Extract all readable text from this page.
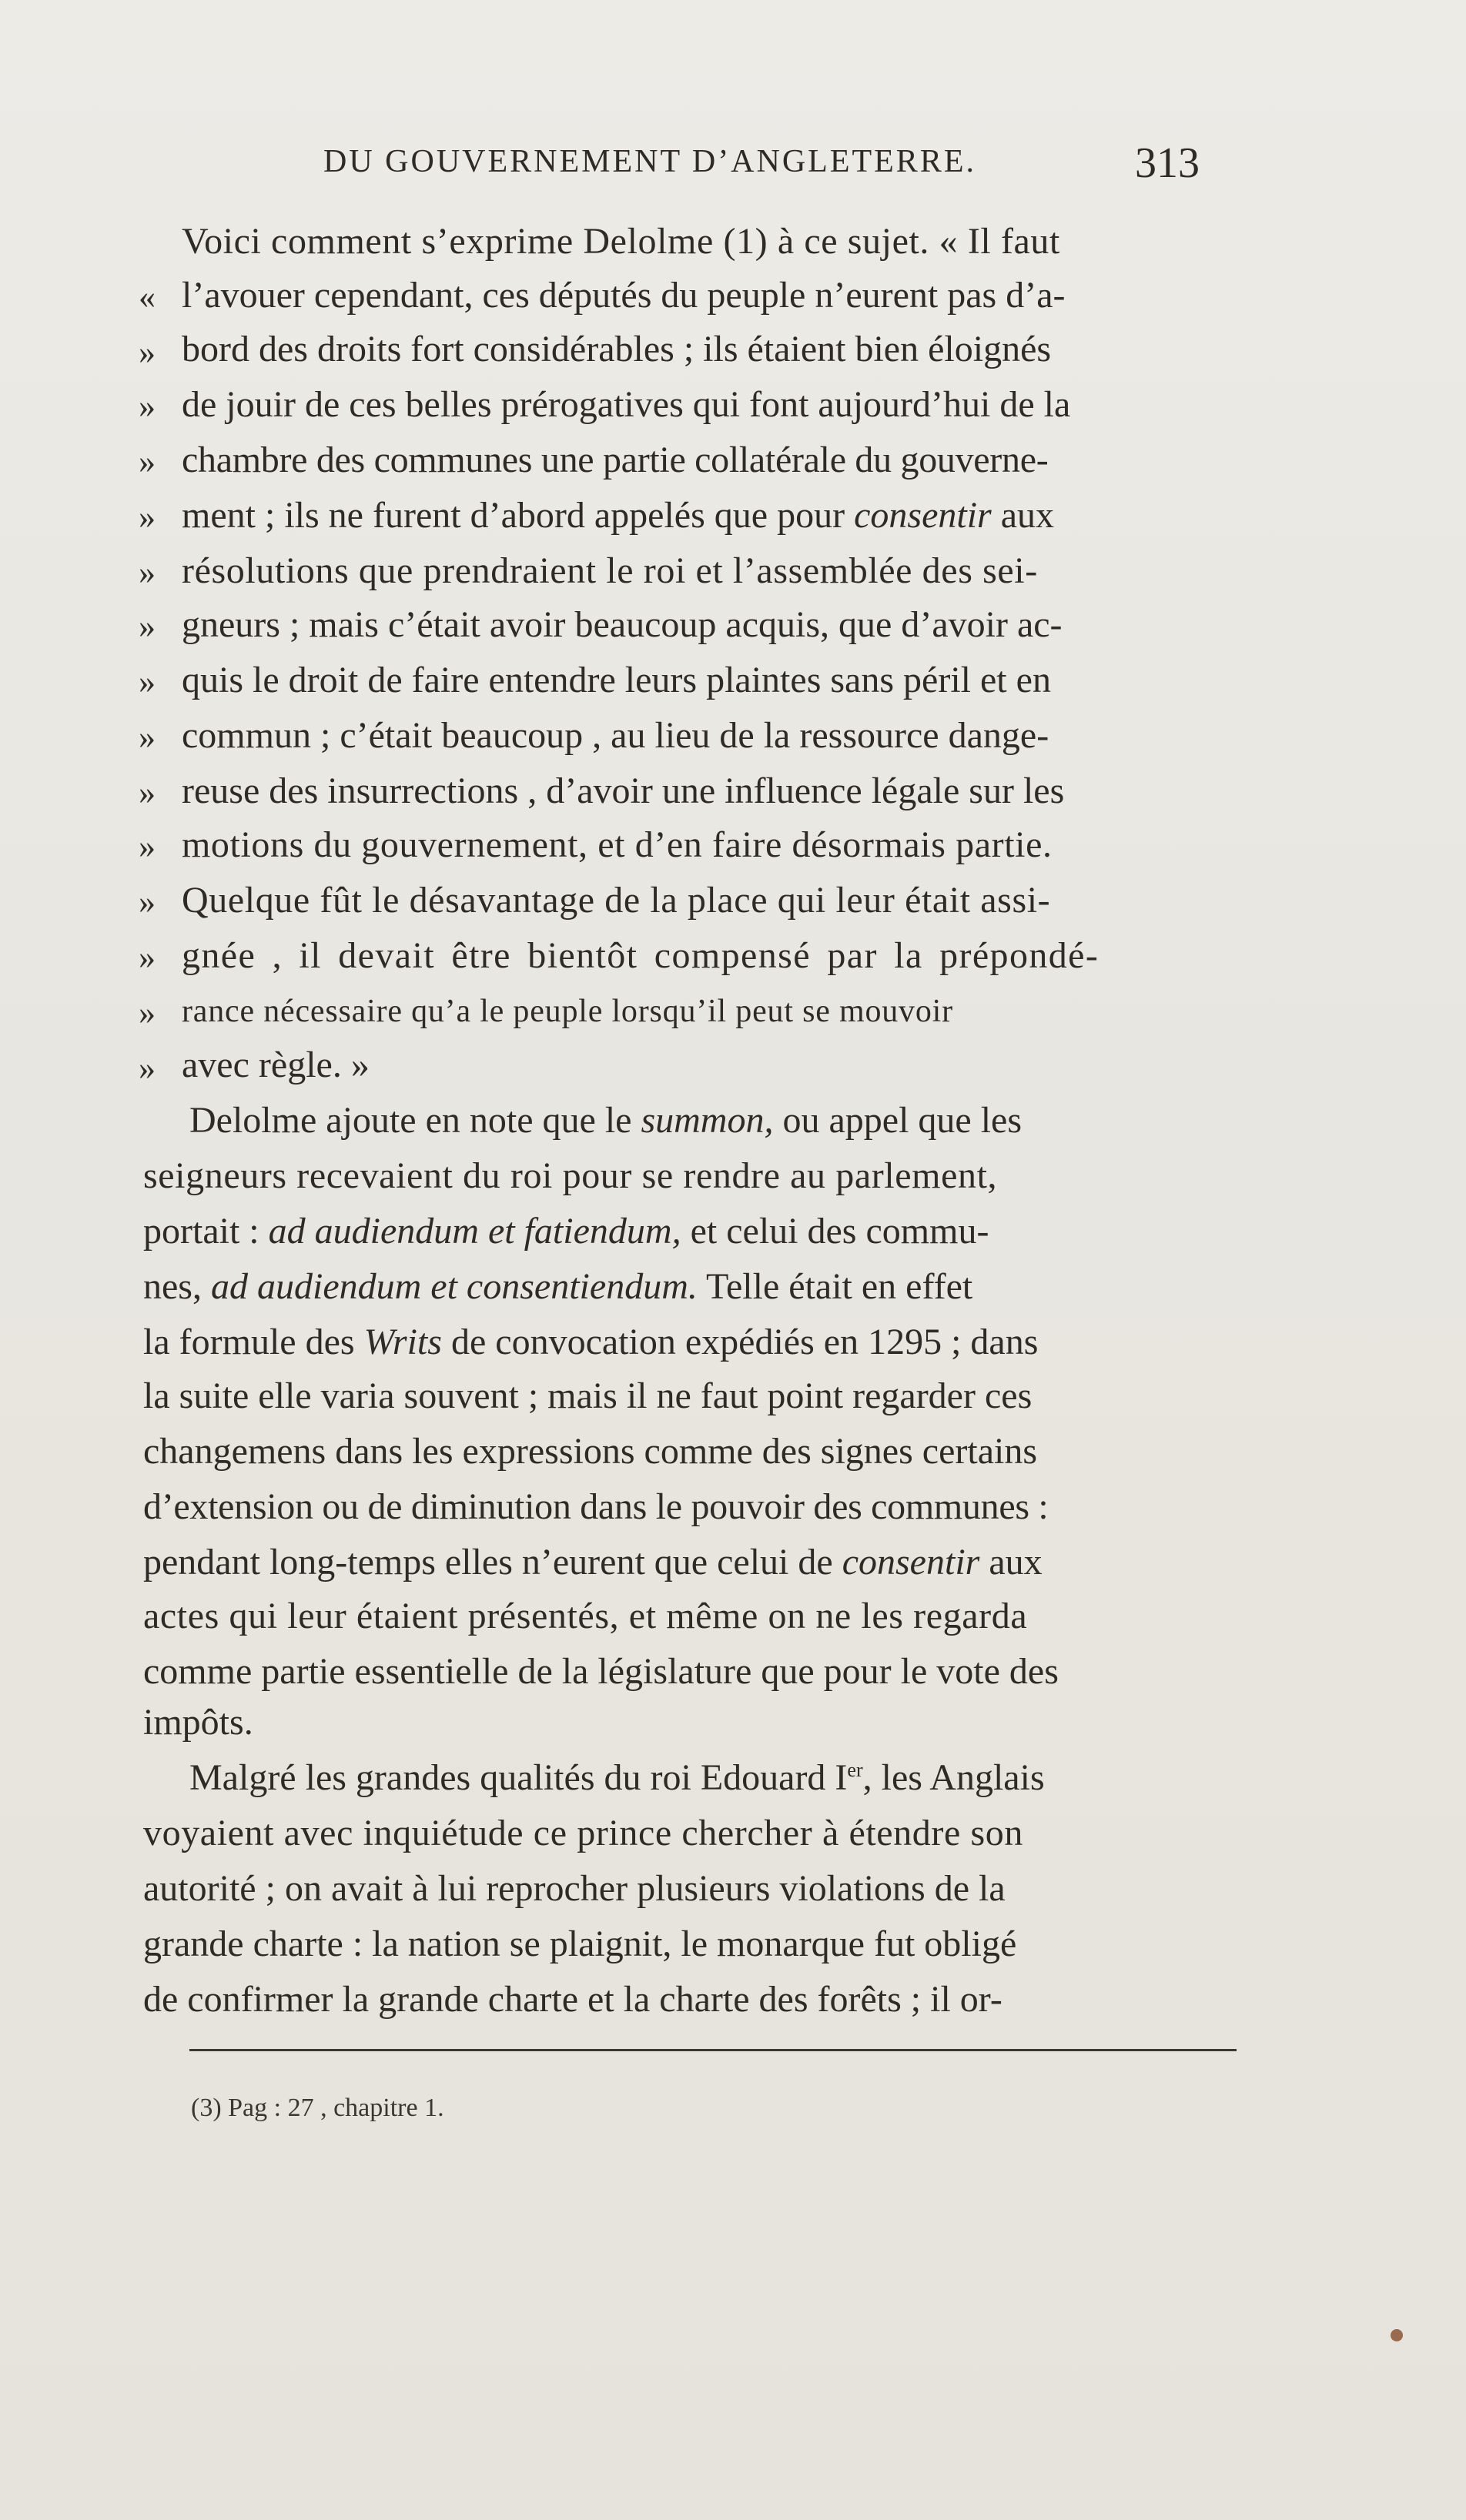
DU GOUVERNEMENT D’ANGLETERRE.	313
Voici comment s’exprime Delolme (1) à ce sujet. « Il faut
« l’avouer cependant, ces députés du peuple n’eurent pas d’a-
» bord des droits fort considérables ; ils étaient bien éloignés
» de jouir de ces belles prérogatives qui font aujourd’hui de la
» chambre des communes une partie collatérale du gouverne-
» ment ; ils ne furent d’abord appelés que pour consentir aux
» résolutions que prendraient le roi et l’assemblée des sei-
» gneurs ; mais c’était avoir beaucoup acquis, que d’avoir ac-
» quis le droit de faire entendre leurs plaintes sans péril et en
» commun ; c’était beaucoup , au lieu de la ressource dange-
» reuse des insurrections , d’avoir une influence légale sur les
» motions du gouvernement, et d’en faire désormais partie.
» Quelque fût le désavantage de la place qui leur était assi-
» gnée , il devait être bientôt compensé par la prépondé-
» rance nécessaire qu’a le peuple lorsqu’il peut se mouvoir
» avec règle. »
Delolme ajoute en note que le summon, ou appel que les
seigneurs recevaient du roi pour se rendre au parlement,
portait : ad audiendum et fatiendum, et celui des commu-
nes, ad audiendum et consentiendum. Telle était en effet
la formule des Writs de convocation expédiés en 1295 ; dans
la suite elle varia souvent ; mais il ne faut point regarder ces
changemens dans les expressions comme des signes certains
d’extension ou de diminution dans le pouvoir des communes :
pendant long-temps elles n’eurent que celui de consentir aux
actes qui leur étaient présentés, et même on ne les regarda
comme partie essentielle de la législature que pour le vote des
impôts.
Malgré les grandes qualités du roi Edouard Ier, les Anglais
voyaient avec inquiétude ce prince chercher à étendre son
autorité ; on avait à lui reprocher plusieurs violations de la
grande charte : la nation se plaignit, le monarque fut obligé
de confirmer la grande charte et la charte des forêts ; il or-
(3) Pag : 27 , chapitre 1.
